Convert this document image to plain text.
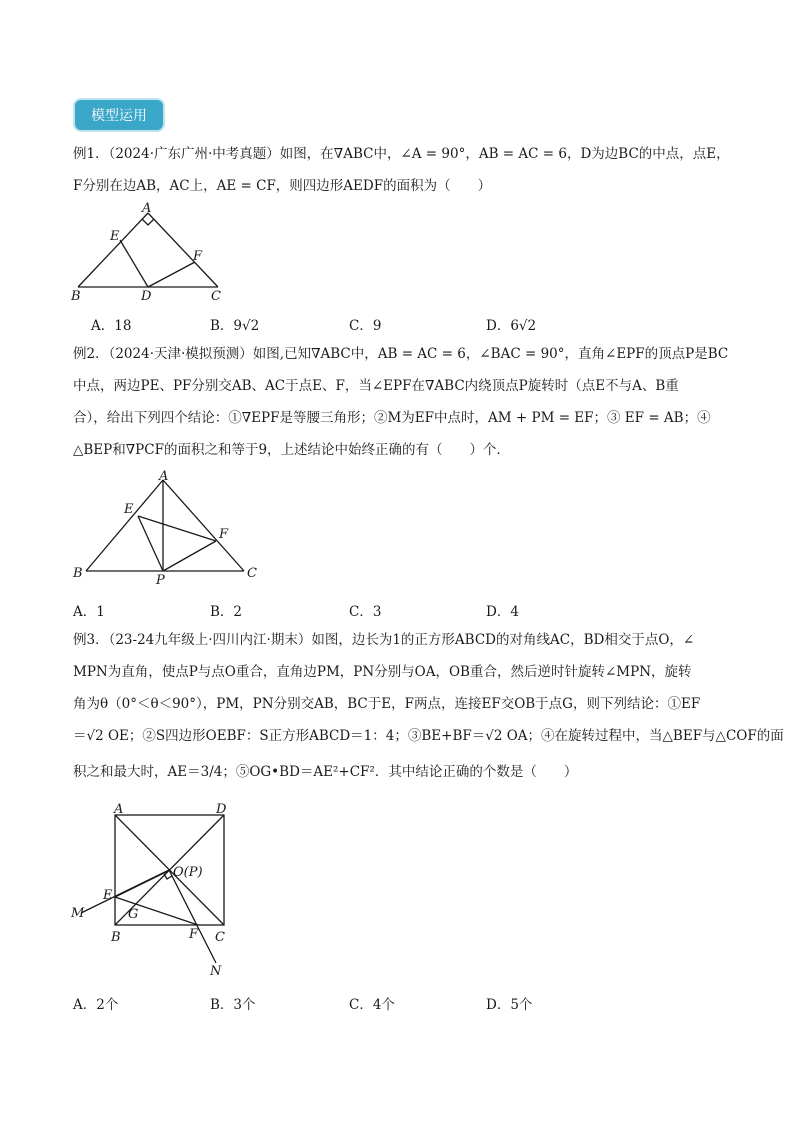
模型运用
例1．（2024·广东广州·中考真题）如图，在∇ABC中，∠A = 90°，AB = AC = 6，D为边BC的中点，点E，
F分别在边AB，AC上，AE = CF，则四边形AEDF的面积为（　　）
A
E
F
B	D	C
A．18	B．9√2	C．9	D．6√2
例2．（2024·天津·模拟预测）如图,已知∇ABC中，AB = AC = 6，∠BAC = 90°，直角∠EPF的顶点P是BC
中点，两边PE、PF分别交AB、AC于点E、F，当∠EPF在∇ABC内绕顶点P旋转时（点E不与A、B重
合），给出下列四个结论：①∇EPF是等腰三角形；②M为EF中点时，AM + PM = EF；③ EF = AB；④
△BEP和∇PCF的面积之和等于9，上述结论中始终正确的有（　　）个．
A
E
F
B	P	C
A．1	B．2	C．3	D．4
例3．（23-24九年级上·四川内江·期末）如图，边长为1的正方形ABCD的对角线AC，BD相交于点O，∠
MPN为直角，使点P与点O重合，直角边PM，PN分别与OA，OB重合，然后逆时针旋转∠MPN，旋转
角为θ（0°＜θ＜90°），PM，PN分别交AB，BC于E，F两点，连接EF交OB于点G，则下列结论：①EF
＝√2 OE；②S四边形OEBF：S正方形ABCD＝1：4；③BE+BF＝√2 OA；④在旋转过程中，当△BEF与△COF的面
积之和最大时，AE＝3/4；⑤OG•BD＝AE²+CF²．其中结论正确的个数是（　　）
A	D
O(P)
E
M	G
B	F C
N
A．2个	B．3个	C．4个	D．5个
